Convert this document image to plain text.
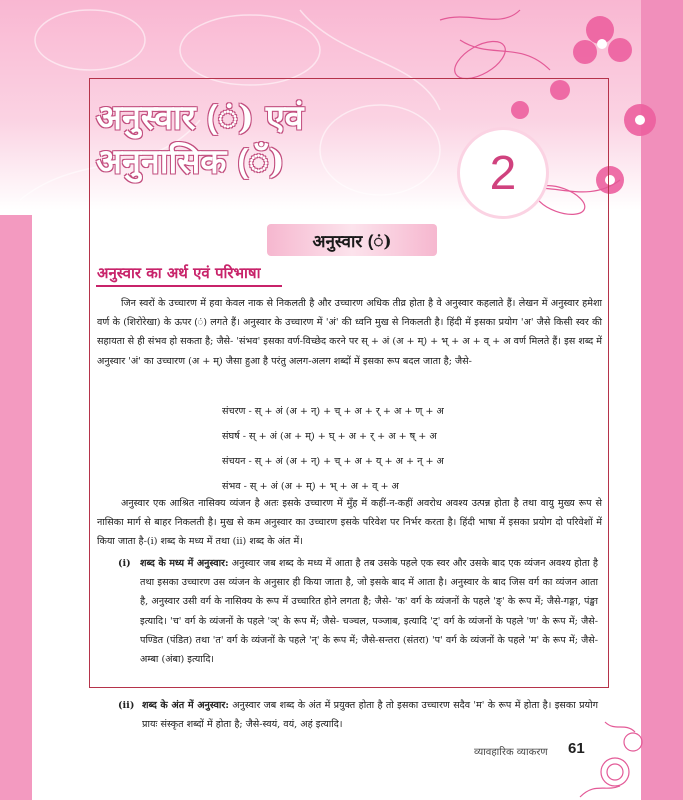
अनुस्वार (ं) एवं
अनुनासिक (ँ)	2
अनुस्वार (ं)
अनुस्वार का अर्थ एवं परिभाषा
जिन स्वरों के उच्चारण में हवा केवल नाक से निकलती है और उच्चारण अधिक तीव्र होता है वे अनुस्वार कहलाते हैं। लेखन में अनुस्वार हमेशा वर्ण के (शिरोरेखा) के ऊपर (ं) लगते हैं। अनुस्वार के उच्चारण में 'अं' की ध्वनि मुख से निकलती है। हिंदी में इसका प्रयोग 'अ' जैसे किसी स्वर की सहायता से ही संभव हो सकता है; जैसे- 'संभव' इसका वर्ण-विच्छेद करने पर स् + अं (अ + म्) + भ् + अ + व् + अ वर्ण मिलते हैं। इस शब्द में अनुस्वार 'अं' का उच्चारण (अ + म्) जैसा हुआ है परंतु अलग-अलग शब्दों में इसका रूप बदल जाता है; जैसे-
संचरण - स् + अं (अ + न्) + च् + अ + र् + अ + ण् + अ
संघर्ष - स् + अं (अ + म्) + घ् + अ + र् + अ + ष् + अ
संचयन - स् + अं (अ + न्) + च् + अ + य् + अ + न् + अ
संभव - स् + अं (अ + म्) + भ् + अ + व् + अ
अनुस्वार एक आश्रित नासिक्य व्यंजन है अतः इसके उच्चारण में मुँह में कहीं-न-कहीं अवरोध अवश्य उत्पन्न होता है तथा वायु मुख्य रूप से नासिका मार्ग से बाहर निकलती है। मुख से कम अनुस्वार का उच्चारण इसके परिवेश पर निर्भर करता है। हिंदी भाषा में इसका प्रयोग दो परिवेशों में किया जाता है-(i) शब्द के मध्य में तथा (ii) शब्द के अंत में।
(i) शब्द के मध्य में अनुस्वार: अनुस्वार जब शब्द के मध्य में आता है तब उसके पहले एक स्वर और उसके बाद एक व्यंजन अवश्य होता है तथा इसका उच्चारण उस व्यंजन के अनुसार ही किया जाता है, जो इसके बाद में आता है। अनुस्वार के बाद जिस वर्ग का व्यंजन आता है, अनुस्वार उसी वर्ग के नासिक्य के रूप में उच्चारित होने लगता है; जैसे- 'क' वर्ग के व्यंजनों के पहले 'ङ्' के रूप में; जैसे-गङ्गा, पंङ्खा इत्यादि। 'च' वर्ग के व्यंजनों के पहले 'ञ्' के रूप में; जैसे- चञ्चल, पञ्जाब, इत्यादि 'ट्' वर्ग के व्यंजनों के पहले 'ण' के रूप में; जैसे- पण्डित (पंडित) तथा 'त' वर्ग के व्यंजनों के पहले 'न्' के रूप में; जैसे-सन्तरा (संतरा) 'प' वर्ग के व्यंजनों के पहले 'म' के रूप में; जैसे- अम्बा (अंबा) इत्यादि।
(ii) शब्द के अंत में अनुस्वार: अनुस्वार जब शब्द के अंत में प्रयुक्त होता है तो इसका उच्चारण सदैव 'म' के रूप में होता है। इसका प्रयोग प्रायः संस्कृत शब्दों में होता है; जैसे-स्वयं, वयं, अहं इत्यादि।
व्यावहारिक व्याकरण 61
